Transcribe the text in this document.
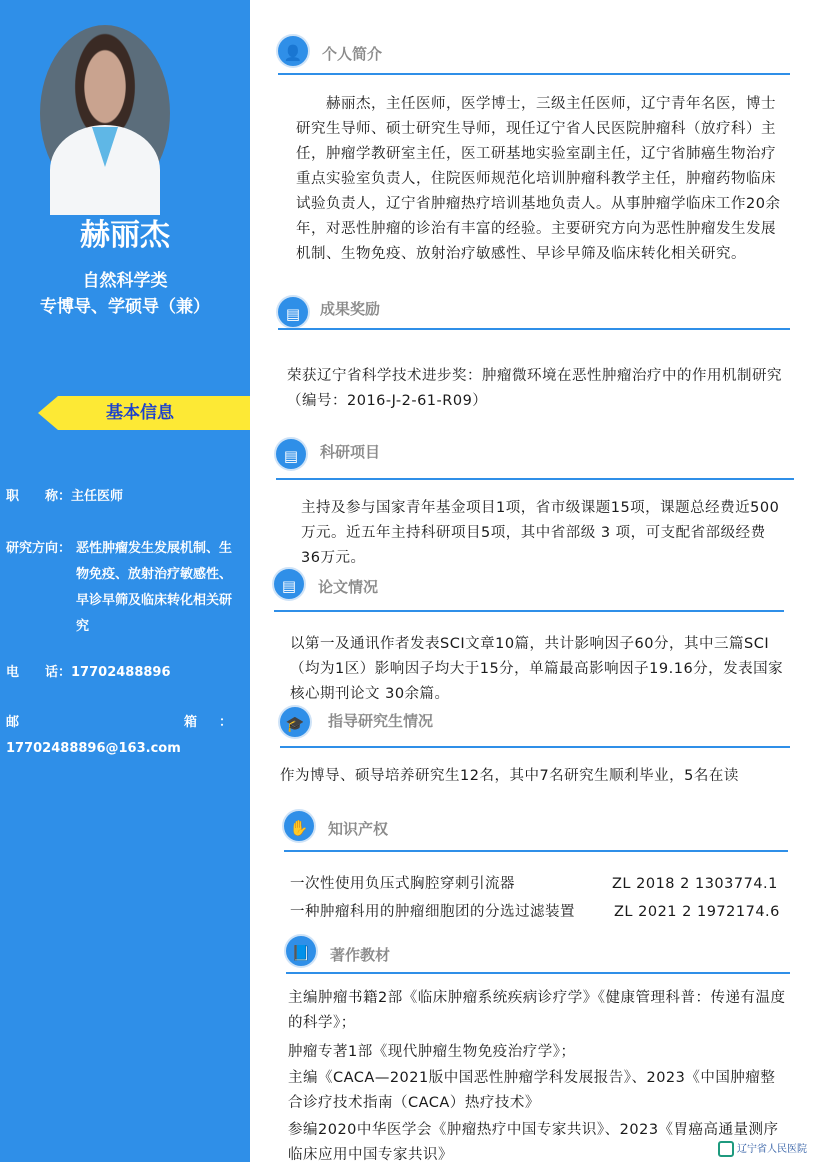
赫丽杰
自然科学类
专博导、学硕导（兼）
基本信息
职　　称：主任医师
研究方向： 恶性肿瘤发生发展机制、生物免疫、放射治疗敏感性、早诊早筛及临床转化相关研究
电　　话：17702488896
邮	箱 ：
17702488896@163.com
👤	个人简介
　　赫丽杰，主任医师，医学博士，三级主任医师，辽宁青年名医，博士研究生导师、硕士研究生导师，现任辽宁省人民医院肿瘤科（放疗科）主任，肿瘤学教研室主任，医工研基地实验室副主任，辽宁省肺癌生物治疗重点实验室负责人，住院医师规范化培训肿瘤科教学主任，肿瘤药物临床试验负责人，辽宁省肿瘤热疗培训基地负责人。从事肿瘤学临床工作20余年，对恶性肿瘤的诊治有丰富的经验。主要研究方向为恶性肿瘤发生发展机制、生物免疫、放射治疗敏感性、早诊早筛及临床转化相关研究。
▤	成果奖励
荣获辽宁省科学技术进步奖：肿瘤微环境在恶性肿瘤治疗中的作用机制研究（编号：2016-J-2-61-R09）
▤	科研项目
主持及参与国家青年基金项目1项，省市级课题15项，课题总经费近500万元。近五年主持科研项目5项，其中省部级 3 项，可支配省部级经费 36万元。
▤	论文情况
以第一及通讯作者发表SCI文章10篇，共计影响因子60分，其中三篇SCI（均为1区）影响因子均大于15分，单篇最高影响因子19.16分，发表国家核心期刊论文 30余篇。
🎓	指导研究生情况
作为博导、硕导培养研究生12名，其中7名研究生顺利毕业，5名在读
✋	知识产权
一次性使用负压式胸腔穿刺引流器	ZL 2018 2 1303774.1
一种肿瘤科用的肿瘤细胞团的分选过滤装置	ZL 2021 2 1972174.6
📘	著作教材
主编肿瘤书籍2部《临床肿瘤系统疾病诊疗学》《健康管理科普：传递有温度的科学》；
肿瘤专著1部《现代肿瘤生物免疫治疗学》；
主编《CACA—2021版中国恶性肿瘤学科发展报告》、2023《中国肿瘤整合诊疗技术指南（CACA）热疗技术》
参编2020中华医学会《肿瘤热疗中国专家共识》、2023《胃癌高通量测序临床应用中国专家共识》	辽宁省人民医院
